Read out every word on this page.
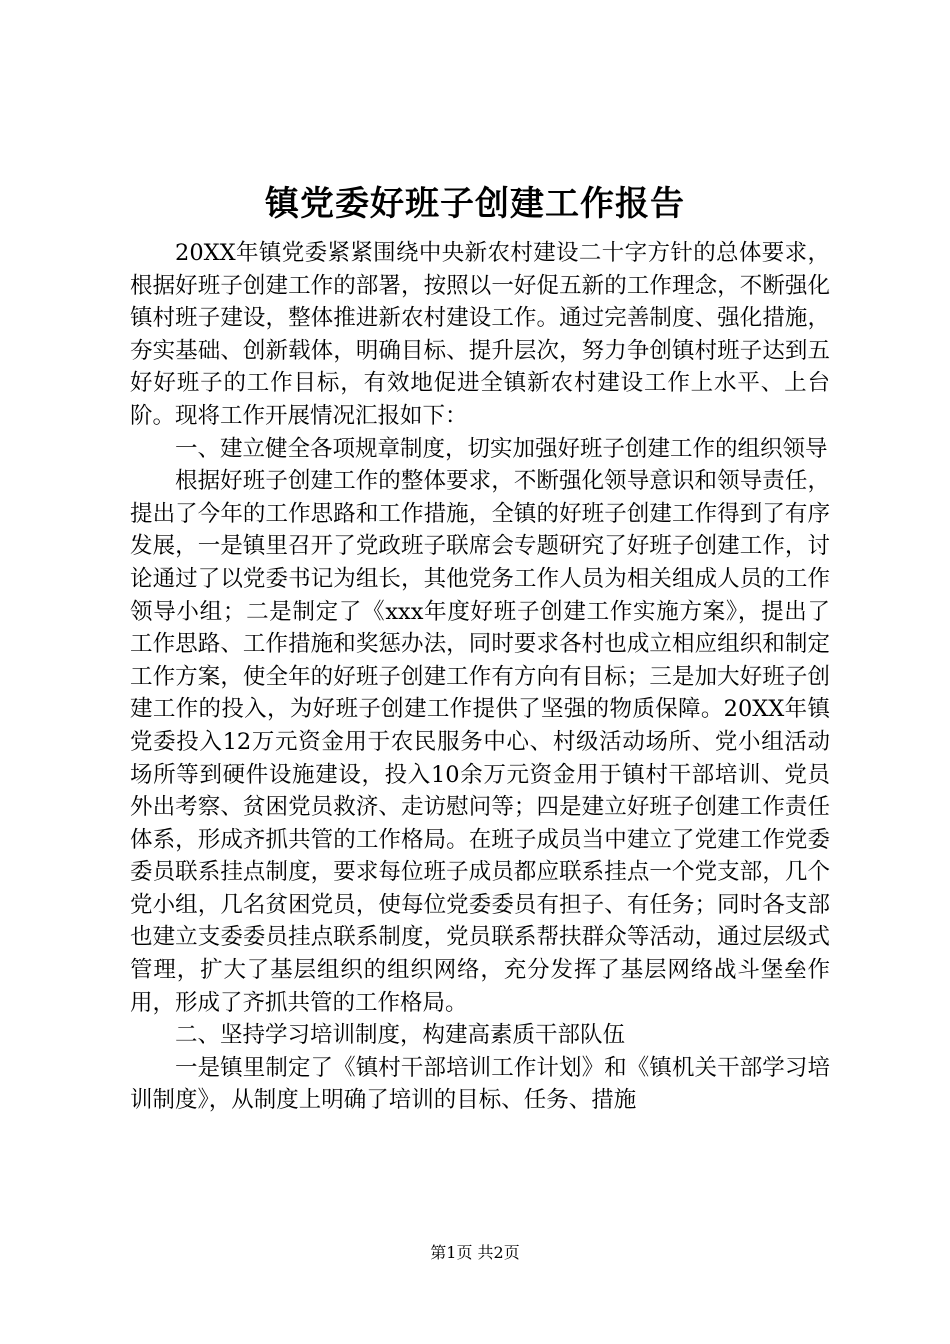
镇党委好班子创建工作报告

20XX年镇党委紧紧围绕中央新农村建设二十字方针的总体要求，根据好班子创建工作的部署，按照以一好促五新的工作理念，不断强化镇村班子建设，整体推进新农村建设工作。通过完善制度、强化措施，夯实基础、创新载体，明确目标、提升层次，努力争创镇村班子达到五好好班子的工作目标，有效地促进全镇新农村建设工作上水平、上台阶。现将工作开展情况汇报如下：

一、建立健全各项规章制度，切实加强好班子创建工作的组织领导

根据好班子创建工作的整体要求，不断强化领导意识和领导责任，提出了今年的工作思路和工作措施，全镇的好班子创建工作得到了有序发展，一是镇里召开了党政班子联席会专题研究了好班子创建工作，讨论通过了以党委书记为组长，其他党务工作人员为相关组成人员的工作领导小组；二是制定了《xxx年度好班子创建工作实施方案》，提出了工作思路、工作措施和奖惩办法，同时要求各村也成立相应组织和制定工作方案，使全年的好班子创建工作有方向有目标；三是加大好班子创建工作的投入，为好班子创建工作提供了坚强的物质保障。20XX年镇党委投入12万元资金用于农民服务中心、村级活动场所、党小组活动场所等到硬件设施建设，投入10余万元资金用于镇村干部培训、党员外出考察、贫困党员救济、走访慰问等；四是建立好班子创建工作责任体系，形成齐抓共管的工作格局。在班子成员当中建立了党建工作党委委员联系挂点制度，要求每位班子成员都应联系挂点一个党支部，几个党小组，几名贫困党员，使每位党委委员有担子、有任务；同时各支部也建立支委委员挂点联系制度，党员联系帮扶群众等活动，通过层级式管理，扩大了基层组织的组织网络，充分发挥了基层网络战斗堡垒作用，形成了齐抓共管的工作格局。

二、坚持学习培训制度，构建高素质干部队伍

一是镇里制定了《镇村干部培训工作计划》和《镇机关干部学习培训制度》，从制度上明确了培训的目标、任务、措施

第1页 共2页
